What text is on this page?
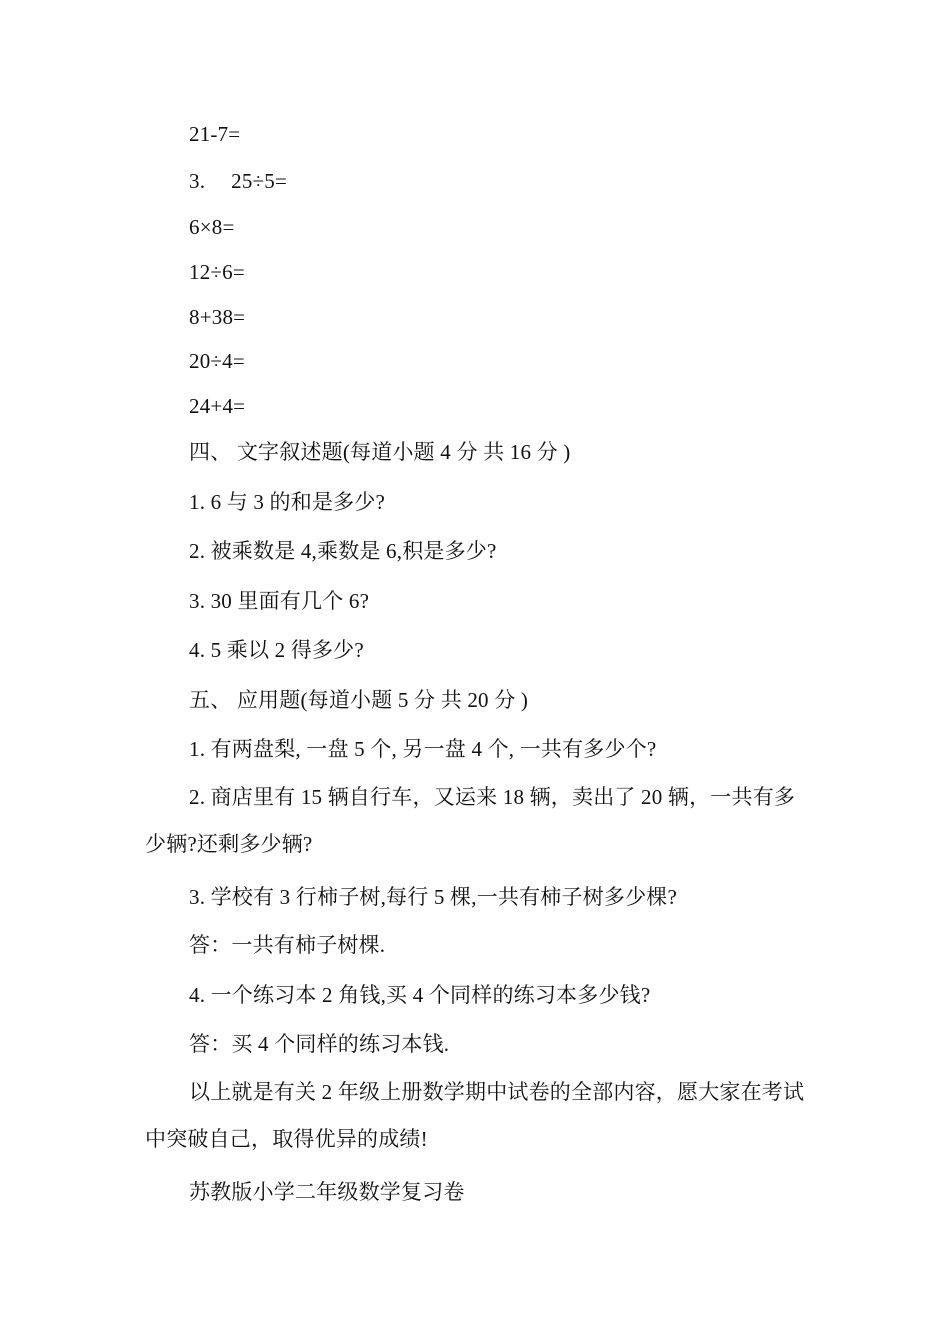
21-7=
3. 25÷5=
6×8=
12÷6=
8+38=
20÷4=
24+4=
四、 文字叙述题(每道小题 4 分 共 16 分 )
1. 6 与 3 的和是多少?
2. 被乘数是 4,乘数是 6,积是多少?
3. 30 里面有几个 6?
4. 5 乘以 2 得多少?
五、 应用题(每道小题 5 分 共 20 分 )
1. 有两盘梨, 一盘 5 个, 另一盘 4 个, 一共有多少个?
2. 商店里有 15 辆自行车，又运来 18 辆，卖出了 20 辆，一共有多少辆?还剩多少辆?
3. 学校有 3 行柿子树,每行 5 棵,一共有柿子树多少棵?
答：一共有柿子树棵.
4. 一个练习本 2 角钱,买 4 个同样的练习本多少钱?
答：买 4 个同样的练习本钱.
以上就是有关 2 年级上册数学期中试卷的全部内容，愿大家在考试中突破自己，取得优异的成绩!
苏教版小学二年级数学复习卷
